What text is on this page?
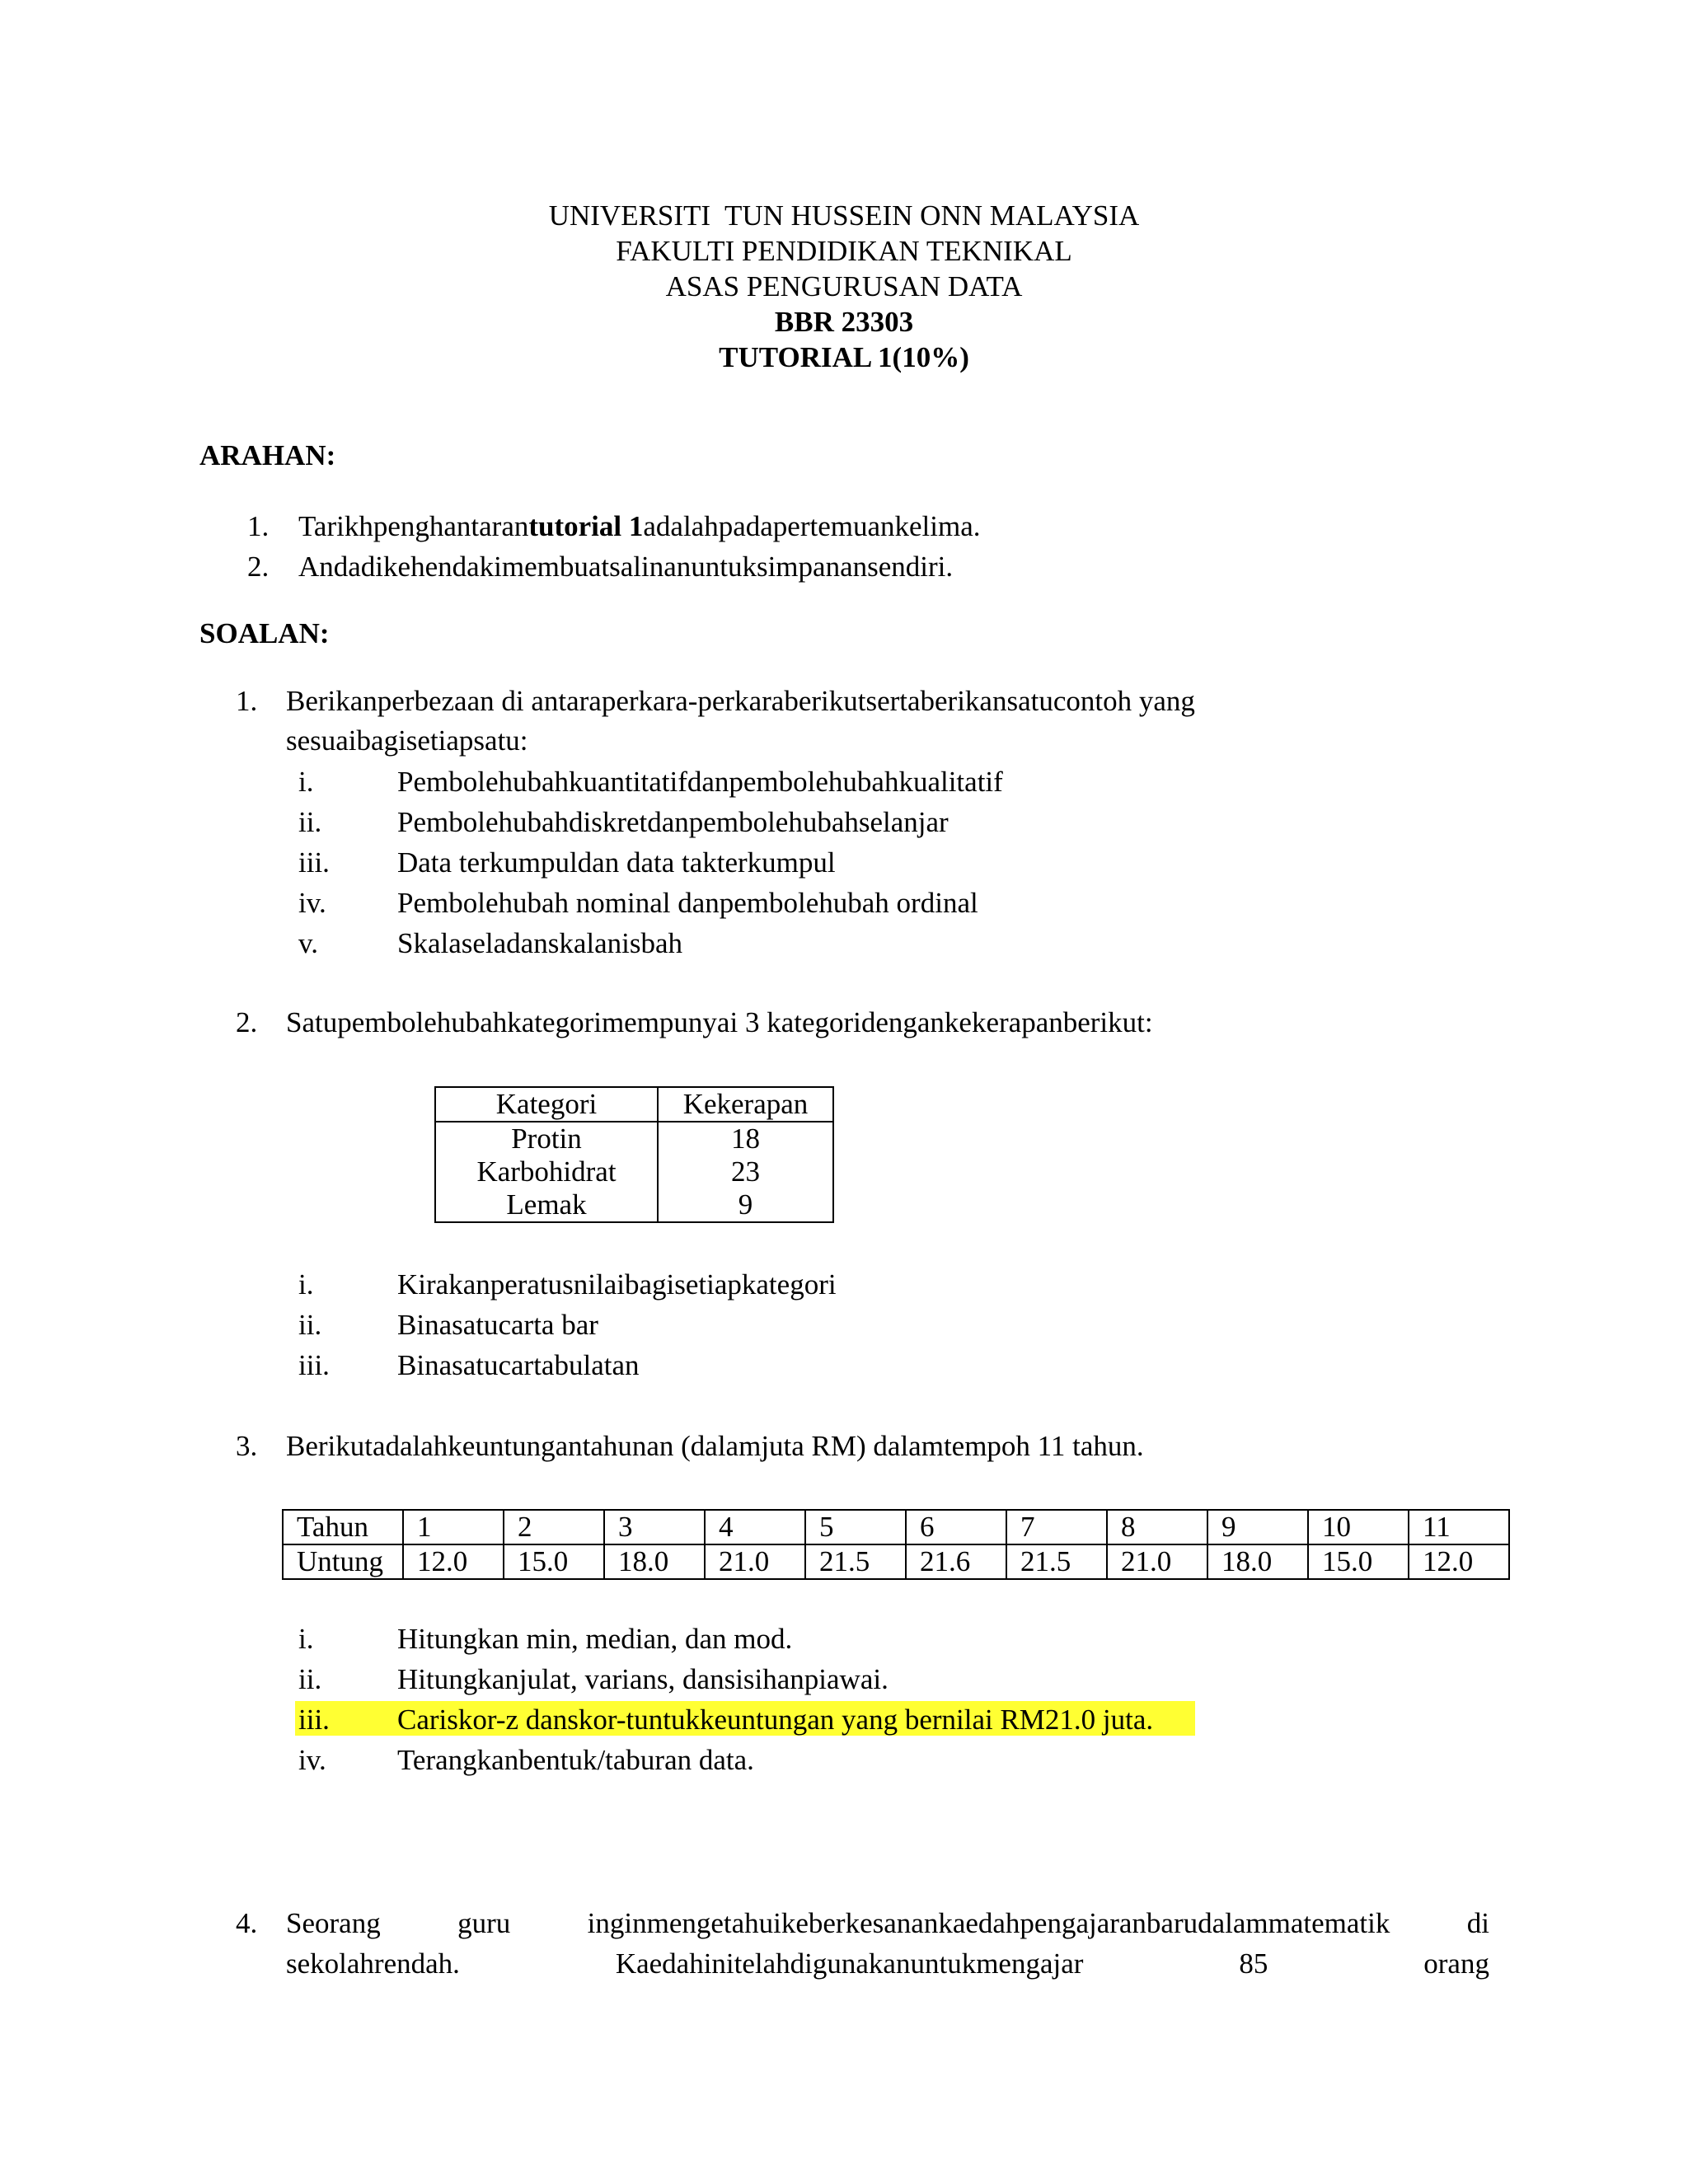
UNIVERSITI  TUN HUSSEIN ONN MALAYSIA
FAKULTI PENDIDIKAN TEKNIKAL
ASAS PENGURUSAN DATA
BBR 23303
TUTORIAL 1(10%)
ARAHAN:
1. Tarikhpenghantarantutorial 1adalahpadapertemuankelima.
2. Andadikehendakimembuatsalinanuntuksimpanansendiri.
SOALAN:
1. Berikanperbezaan di antaraperkara-perkaraberikutsertaberikansatucontoh yang
sesuaibagisetiapsatu:
i.	Pembolehubahkuantitatifdanpembolehubahkualitatif
ii.	Pembolehubahdiskretdanpembolehubahselanjar
iii. Data terkumpuldan data takterkumpul
iv. Pembolehubah nominal danpembolehubah ordinal
v.	Skalaseladanskalanisbah
2. Satupembolehubahkategorimempunyai 3 kategoridengankekerapanberikut:
Kategori	Kekerapan
Protin	18
Karbohidrat	23
Lemak	9
i.	Kirakanperatusnilaibagisetiapkategori
ii.	Binasatucarta bar
iii. Binasatucartabulatan
3. Berikutadalahkeuntungantahunan (dalamjuta RM) dalamtempoh 11 tahun.
Tahun	1	2	3	4	5	6	7	8	9	10	11
Untung	12.0	15.0	18.0	21.0	21.5	21.6	21.5	21.0	18.0	15.0	12.0
i.	Hitungkan min, median, dan mod.
ii.	Hitungkanjulat, varians, dansisihanpiawai.
iii. Cariskor-z danskor-tuntukkeuntungan yang bernilai RM21.0 juta.
iv. Terangkanbentuk/taburan data.
4. Seorang	guru	inginmengetahuikeberkesanankaedahpengajaranbarudalammatematik	di
sekolahrendah.	Kaedahinitelahdigunakanuntukmengajar	85	orang
